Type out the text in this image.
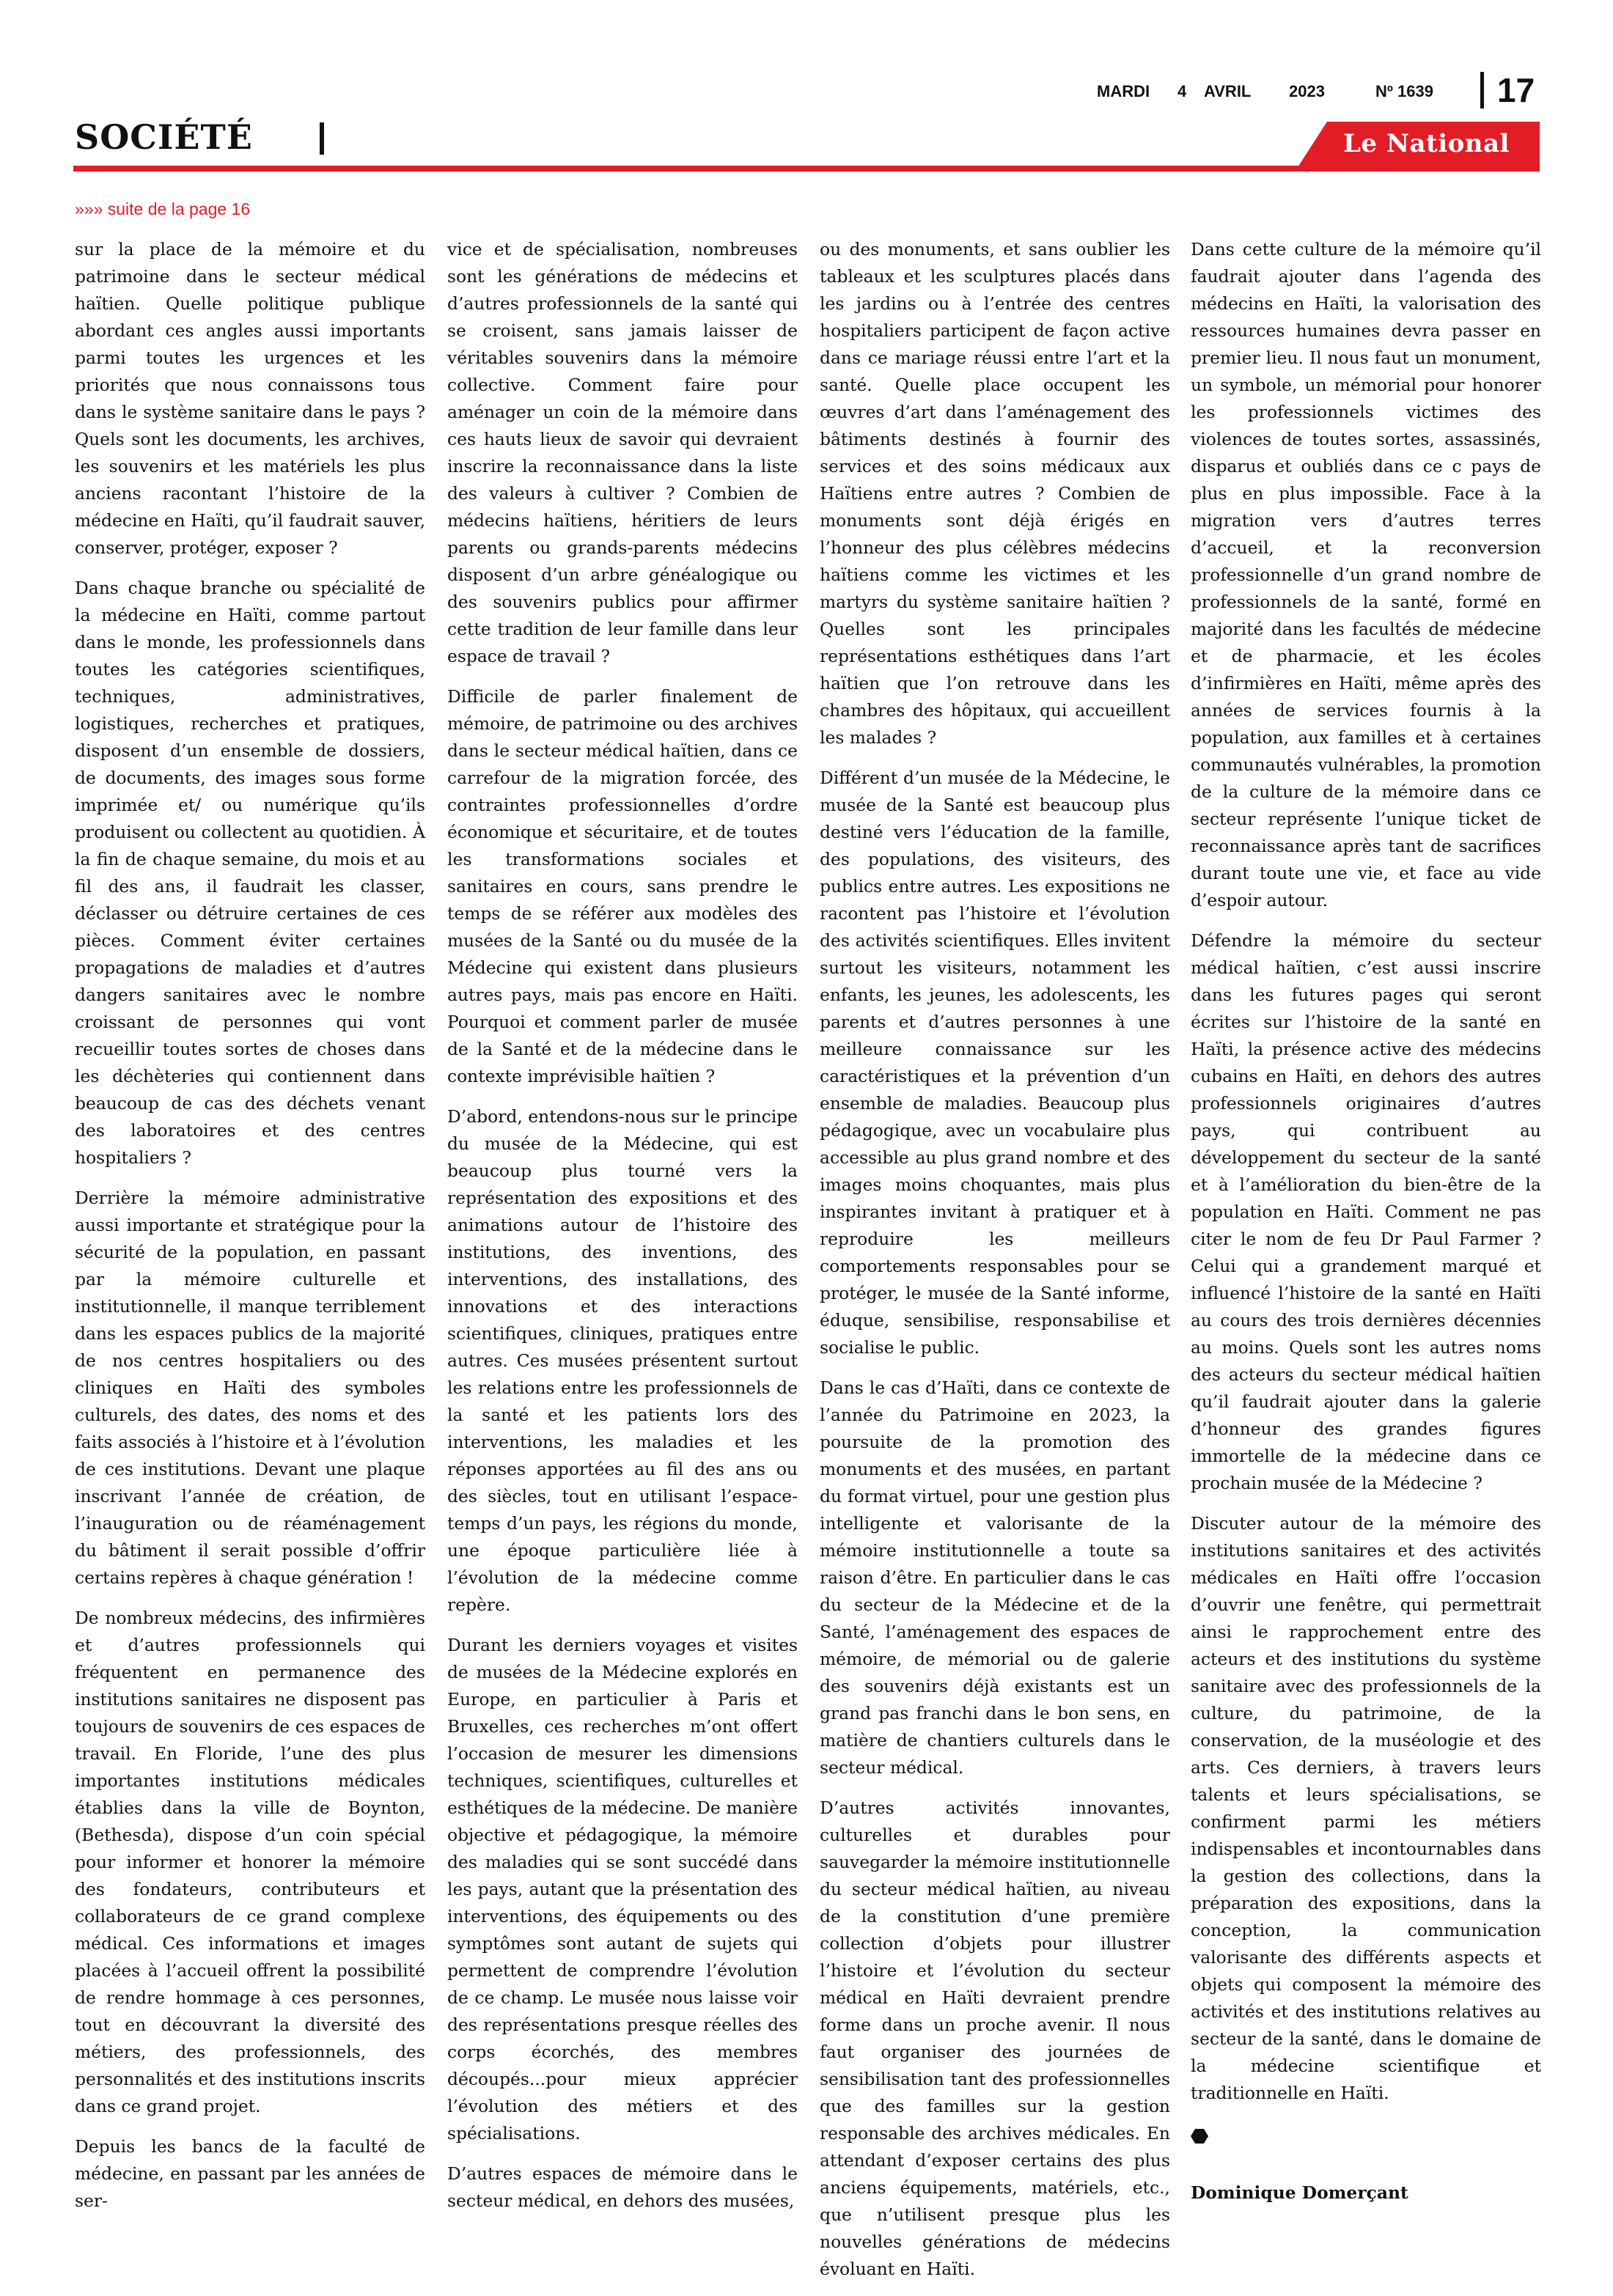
SOCIÉTÉ
MARDI 4 AVRIL 2023	Nº 1639 17
Le National
»»» suite de la page 16

sur la place de la mémoire et du patrimoine dans le secteur médical haïtien. Quelle politique publique abordant ces angles aussi importants parmi toutes les urgences et les priorités que nous connaissons tous dans le système sanitaire dans le pays ? Quels sont les documents, les archives, les souvenirs et les matériels les plus anciens racontant l’histoire de la médecine en Haïti, qu’il faudrait sauver, conserver, protéger, exposer ?

Dans chaque branche ou spécialité de la médecine en Haïti, comme partout dans le monde, les professionnels dans toutes les catégories scientifiques, techniques, administratives, logistiques, recherches et pratiques, disposent d’un ensemble de dossiers, de documents, des images sous forme imprimée et/ ou numérique qu’ils produisent ou collectent au quotidien. À la fin de chaque semaine, du mois et au fil des ans, il faudrait les classer, déclasser ou détruire certaines de ces pièces. Comment éviter certaines propagations de maladies et d’autres dangers sanitaires avec le nombre croissant de personnes qui vont recueillir toutes sortes de choses dans les déchèteries qui contiennent dans beaucoup de cas des déchets venant des laboratoires et des centres hospitaliers ?

Derrière la mémoire administrative aussi importante et stratégique pour la sécurité de la population, en passant par la mémoire culturelle et institutionnelle, il manque terriblement dans les espaces publics de la majorité de nos centres hospitaliers ou des cliniques en Haïti des symboles culturels, des dates, des noms et des faits associés à l’histoire et à l’évolution de ces institutions. Devant une plaque inscrivant l’année de création, de l’inauguration ou de réaménagement du bâtiment il serait possible d’offrir certains repères à chaque génération !

De nombreux médecins, des infirmières et d’autres professionnels qui fréquentent en permanence des institutions sanitaires ne disposent pas toujours de souvenirs de ces espaces de travail. En Floride, l’une des plus importantes institutions médicales établies dans la ville de Boynton, (Bethesda), dispose d’un coin spécial pour informer et honorer la mémoire des fondateurs, contributeurs et collaborateurs de ce grand complexe médical. Ces informations et images placées à l’accueil offrent la possibilité de rendre hommage à ces personnes, tout en découvrant la diversité des métiers, des professionnels, des personnalités et des institutions inscrits dans ce grand projet.

Depuis les bancs de la faculté de médecine, en passant par les années de ser-

vice et de spécialisation, nombreuses sont les générations de médecins et d’autres professionnels de la santé qui se croisent, sans jamais laisser de véritables souvenirs dans la mémoire collective. Comment faire pour aménager un coin de la mémoire dans ces hauts lieux de savoir qui devraient inscrire la reconnaissance dans la liste des valeurs à cultiver ? Combien de médecins haïtiens, héritiers de leurs parents ou grands-parents médecins disposent d’un arbre généalogique ou des souvenirs publics pour affirmer cette tradition de leur famille dans leur espace de travail ?

Difficile de parler finalement de mémoire, de patrimoine ou des archives dans le secteur médical haïtien, dans ce carrefour de la migration forcée, des contraintes professionnelles d’ordre économique et sécuritaire, et de toutes les transformations sociales et sanitaires en cours, sans prendre le temps de se référer aux modèles des musées de la Santé ou du musée de la Médecine qui existent dans plusieurs autres pays, mais pas encore en Haïti. Pourquoi et comment parler de musée de la Santé et de la médecine dans le contexte imprévisible haïtien ?

D’abord, entendons-nous sur le principe du musée de la Médecine, qui est beaucoup plus tourné vers la représentation des expositions et des animations autour de l’histoire des institutions, des inventions, des interventions, des installations, des innovations et des interactions scientifiques, cliniques, pratiques entre autres. Ces musées présentent surtout les relations entre les professionnels de la santé et les patients lors des interventions, les maladies et les réponses apportées au fil des ans ou des siècles, tout en utilisant l’espace-temps d’un pays, les régions du monde, une époque particulière liée à l’évolution de la médecine comme repère.

Durant les derniers voyages et visites de musées de la Médecine explorés en Europe, en particulier à Paris et Bruxelles, ces recherches m’ont offert l’occasion de mesurer les dimensions techniques, scientifiques, culturelles et esthétiques de la médecine. De manière objective et pédagogique, la mémoire des maladies qui se sont succédé dans les pays, autant que la présentation des interventions, des équipements ou des symptômes sont autant de sujets qui permettent de comprendre l’évolution de ce champ. Le musée nous laisse voir des représentations presque réelles des corps écorchés, des membres découpés...pour mieux apprécier l’évolution des métiers et des spécialisations.

D’autres espaces de mémoire dans le secteur médical, en dehors des musées,

ou des monuments, et sans oublier les tableaux et les sculptures placés dans les jardins ou à l’entrée des centres hospitaliers participent de façon active dans ce mariage réussi entre l’art et la santé. Quelle place occupent les œuvres d’art dans l’aménagement des bâtiments destinés à fournir des services et des soins médicaux aux Haïtiens entre autres ? Combien de monuments sont déjà érigés en l’honneur des plus célèbres médecins haïtiens comme les victimes et les martyrs du système sanitaire haïtien ? Quelles sont les principales représentations esthétiques dans l’art haïtien que l’on retrouve dans les chambres des hôpitaux, qui accueillent les malades ?

Différent d’un musée de la Médecine, le musée de la Santé est beaucoup plus destiné vers l’éducation de la famille, des populations, des visiteurs, des publics entre autres. Les expositions ne racontent pas l’histoire et l’évolution des activités scientifiques. Elles invitent surtout les visiteurs, notamment les enfants, les jeunes, les adolescents, les parents et d’autres personnes à une meilleure connaissance sur les caractéristiques et la prévention d’un ensemble de maladies. Beaucoup plus pédagogique, avec un vocabulaire plus accessible au plus grand nombre et des images moins choquantes, mais plus inspirantes invitant à pratiquer et à reproduire les meilleurs comportements responsables pour se protéger, le musée de la Santé informe, éduque, sensibilise, responsabilise et socialise le public.

Dans le cas d’Haïti, dans ce contexte de l’année du Patrimoine en 2023, la poursuite de la promotion des monuments et des musées, en partant du format virtuel, pour une gestion plus intelligente et valorisante de la mémoire institutionnelle a toute sa raison d’être. En particulier dans le cas du secteur de la Médecine et de la Santé, l’aménagement des espaces de mémoire, de mémorial ou de galerie des souvenirs déjà existants est un grand pas franchi dans le bon sens, en matière de chantiers culturels dans le secteur médical.

D’autres activités innovantes, culturelles et durables pour sauvegarder la mémoire institutionnelle du secteur médical haïtien, au niveau de la constitution d’une première collection d’objets pour illustrer l’histoire et l’évolution du secteur médical en Haïti devraient prendre forme dans un proche avenir. Il nous faut organiser des journées de sensibilisation tant des professionnelles que des familles sur la gestion responsable des archives médicales. En attendant d’exposer certains des plus anciens équipements, matériels, etc., que n’utilisent presque plus les nouvelles générations de médecins évoluant en Haïti.

Dans cette culture de la mémoire qu’il faudrait ajouter dans l’agenda des médecins en Haïti, la valorisation des ressources humaines devra passer en premier lieu. Il nous faut un monument, un symbole, un mémorial pour honorer les professionnels victimes des violences de toutes sortes, assassinés, disparus et oubliés dans ce c pays de plus en plus impossible. Face à la migration vers d’autres terres d’accueil, et la reconversion professionnelle d’un grand nombre de professionnels de la santé, formé en majorité dans les facultés de médecine et de pharmacie, et les écoles d’infirmières en Haïti, même après des années de services fournis à la population, aux familles et à certaines communautés vulnérables, la promotion de la culture de la mémoire dans ce secteur représente l’unique ticket de reconnaissance après tant de sacrifices durant toute une vie, et face au vide d’espoir autour.

Défendre la mémoire du secteur médical haïtien, c’est aussi inscrire dans les futures pages qui seront écrites sur l’histoire de la santé en Haïti, la présence active des médecins cubains en Haïti, en dehors des autres professionnels originaires d’autres pays, qui contribuent au développement du secteur de la santé et à l’amélioration du bien-être de la population en Haïti. Comment ne pas citer le nom de feu Dr Paul Farmer ? Celui qui a grandement marqué et influencé l’histoire de la santé en Haïti au cours des trois dernières décennies au moins. Quels sont les autres noms des acteurs du secteur médical haïtien qu’il faudrait ajouter dans la galerie d’honneur des grandes figures immortelle de la médecine dans ce prochain musée de la Médecine ?

Discuter autour de la mémoire des institutions sanitaires et des activités médicales en Haïti offre l’occasion d’ouvrir une fenêtre, qui permettrait ainsi le rapprochement entre des acteurs et des institutions du système sanitaire avec des professionnels de la culture, du patrimoine, de la conservation, de la muséologie et des arts. Ces derniers, à travers leurs talents et leurs spécialisations, se confirment parmi les métiers indispensables et incontournables dans la gestion des collections, dans la préparation des expositions, dans la conception, la communication valorisante des différents aspects et objets qui composent la mémoire des activités et des institutions relatives au secteur de la santé, dans le domaine de la médecine scientifique et traditionnelle en Haïti.

Dominique Domerçant
